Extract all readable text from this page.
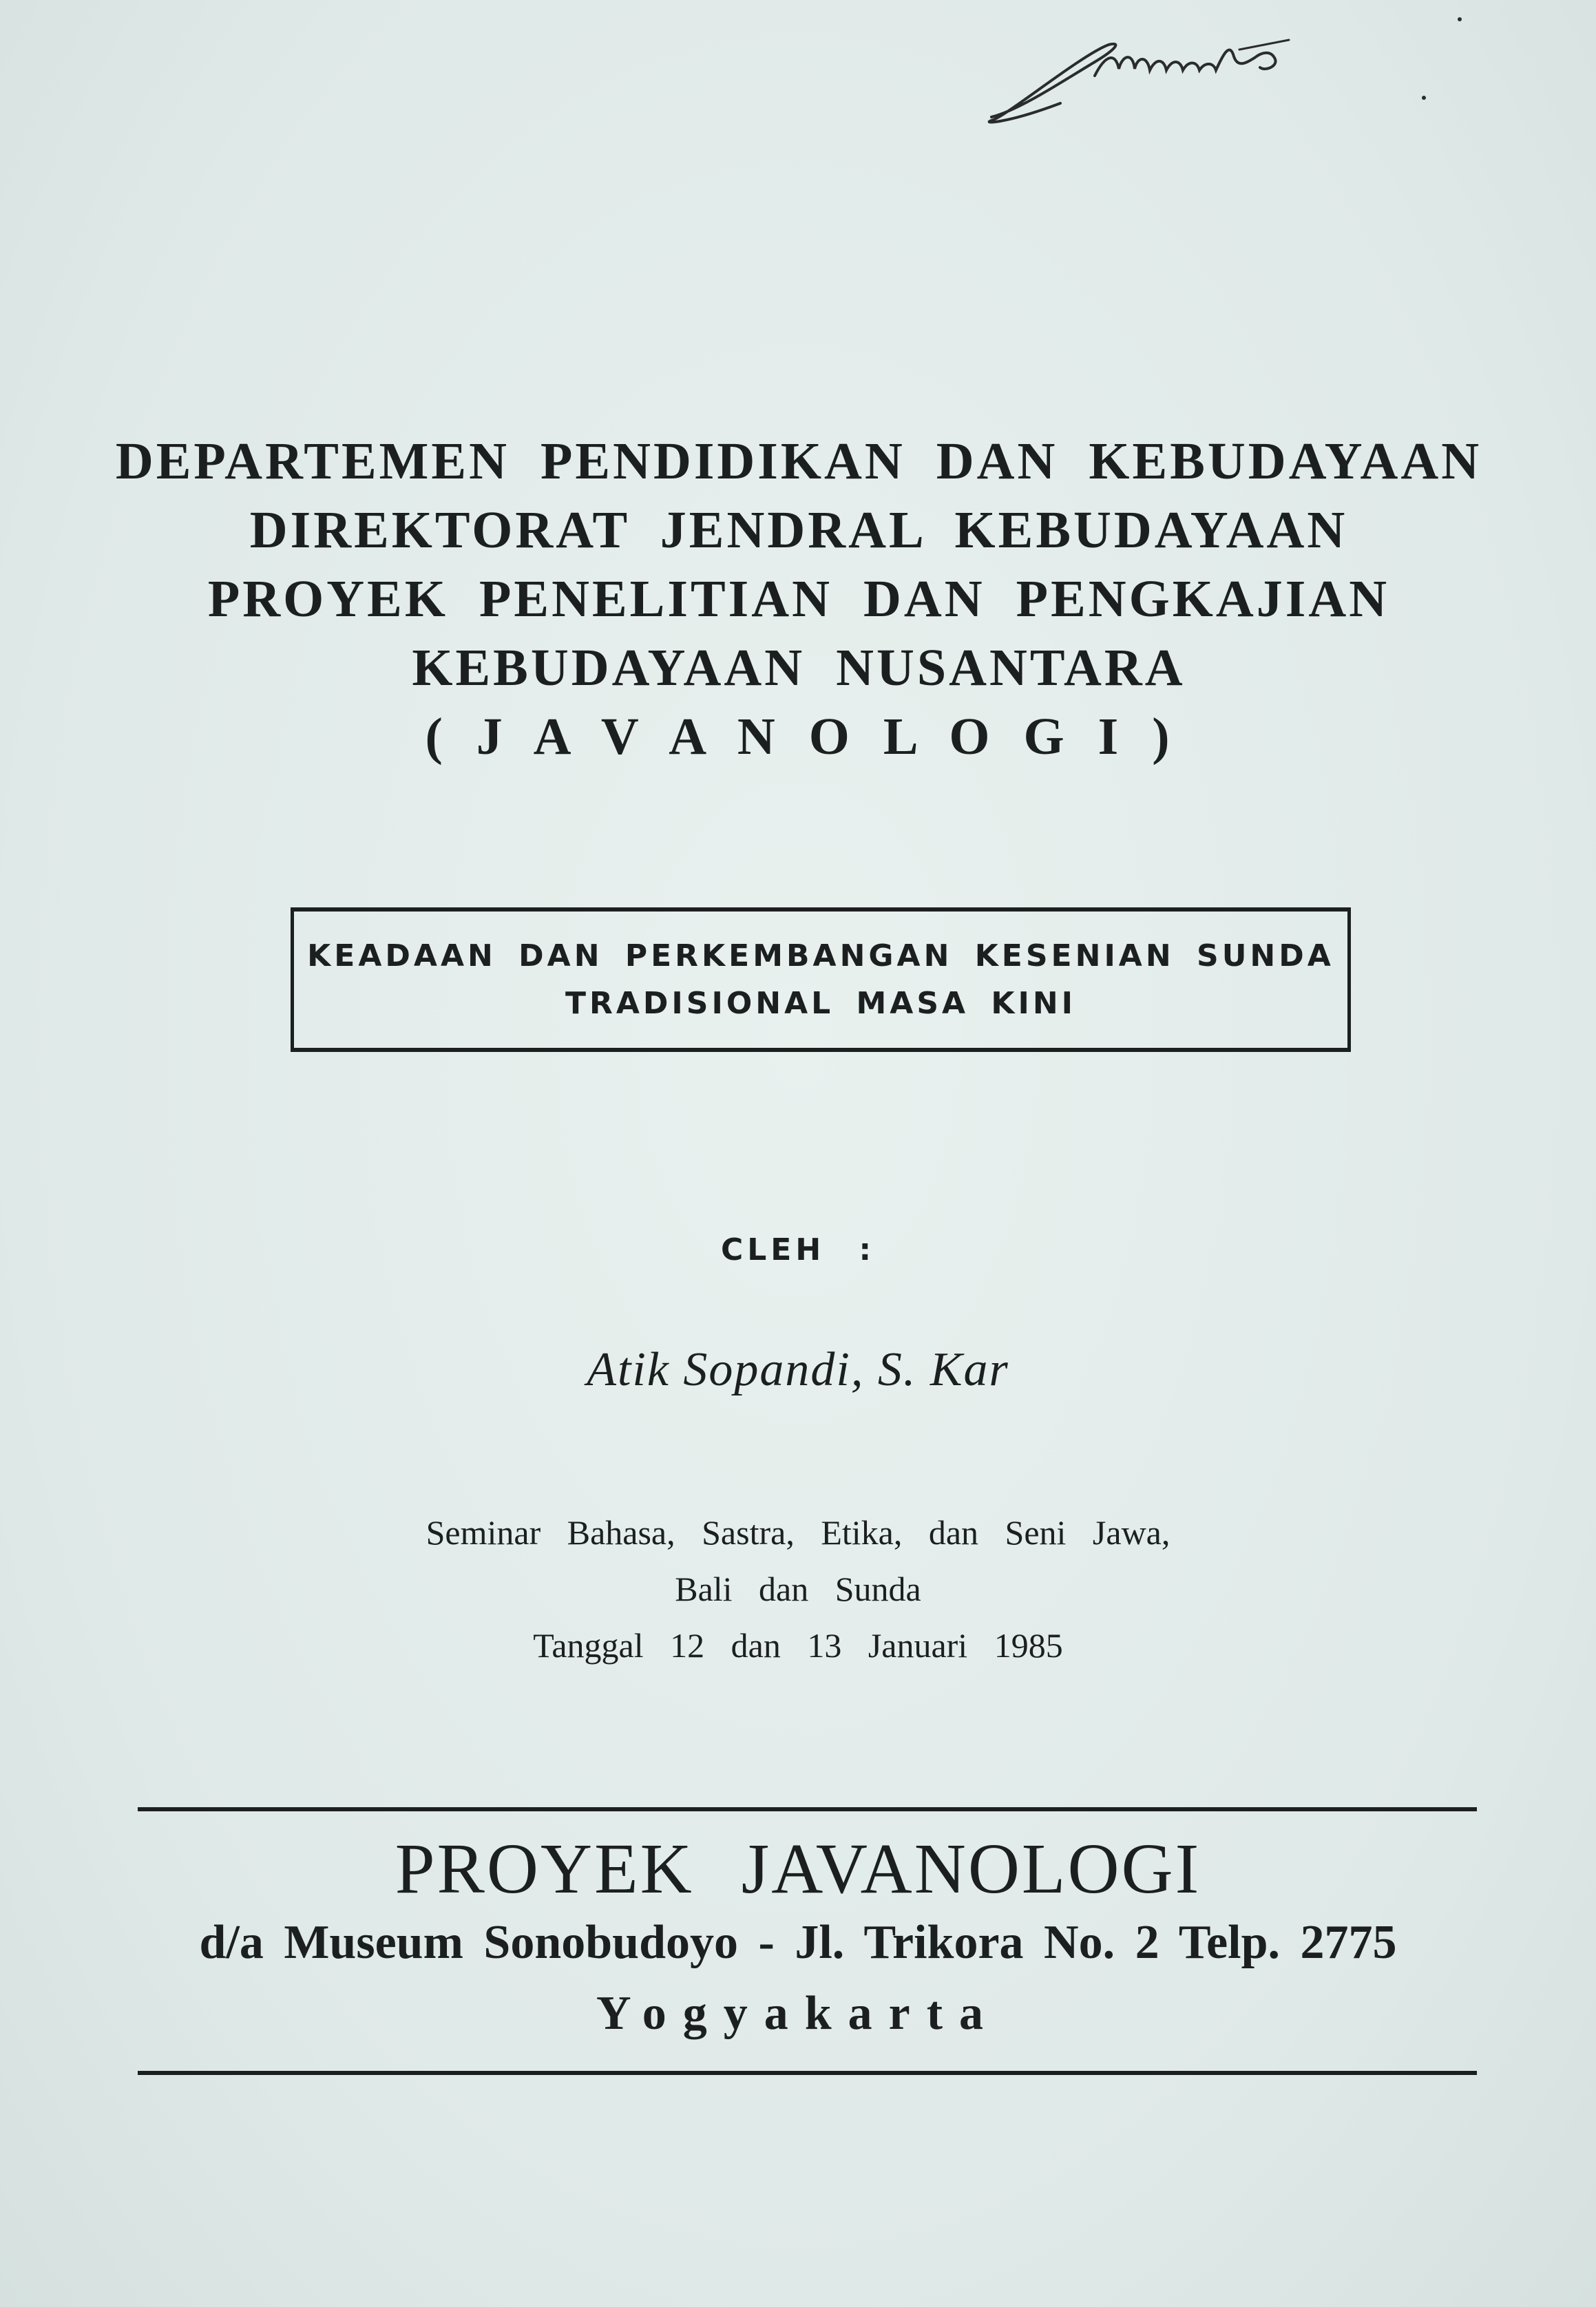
DEPARTEMEN PENDIDIKAN DAN KEBUDAYAAN
DIREKTORAT JENDRAL KEBUDAYAAN
PROYEK PENELITIAN DAN PENGKAJIAN
KEBUDAYAAN NUSANTARA
( J A V A N O L O G I )
KEADAAN DAN PERKEMBANGAN KESENIAN SUNDA
TRADISIONAL MASA KINI
CLEH :
Atik Sopandi, S. Kar
Seminar Bahasa, Sastra, Etika, dan Seni Jawa,
Bali dan Sunda
Tanggal 12 dan 13 Januari 1985
PROYEK JAVANOLOGI
d/a Museum Sonobudoyo - Jl. Trikora No. 2 Telp. 2775
Yogyakarta
